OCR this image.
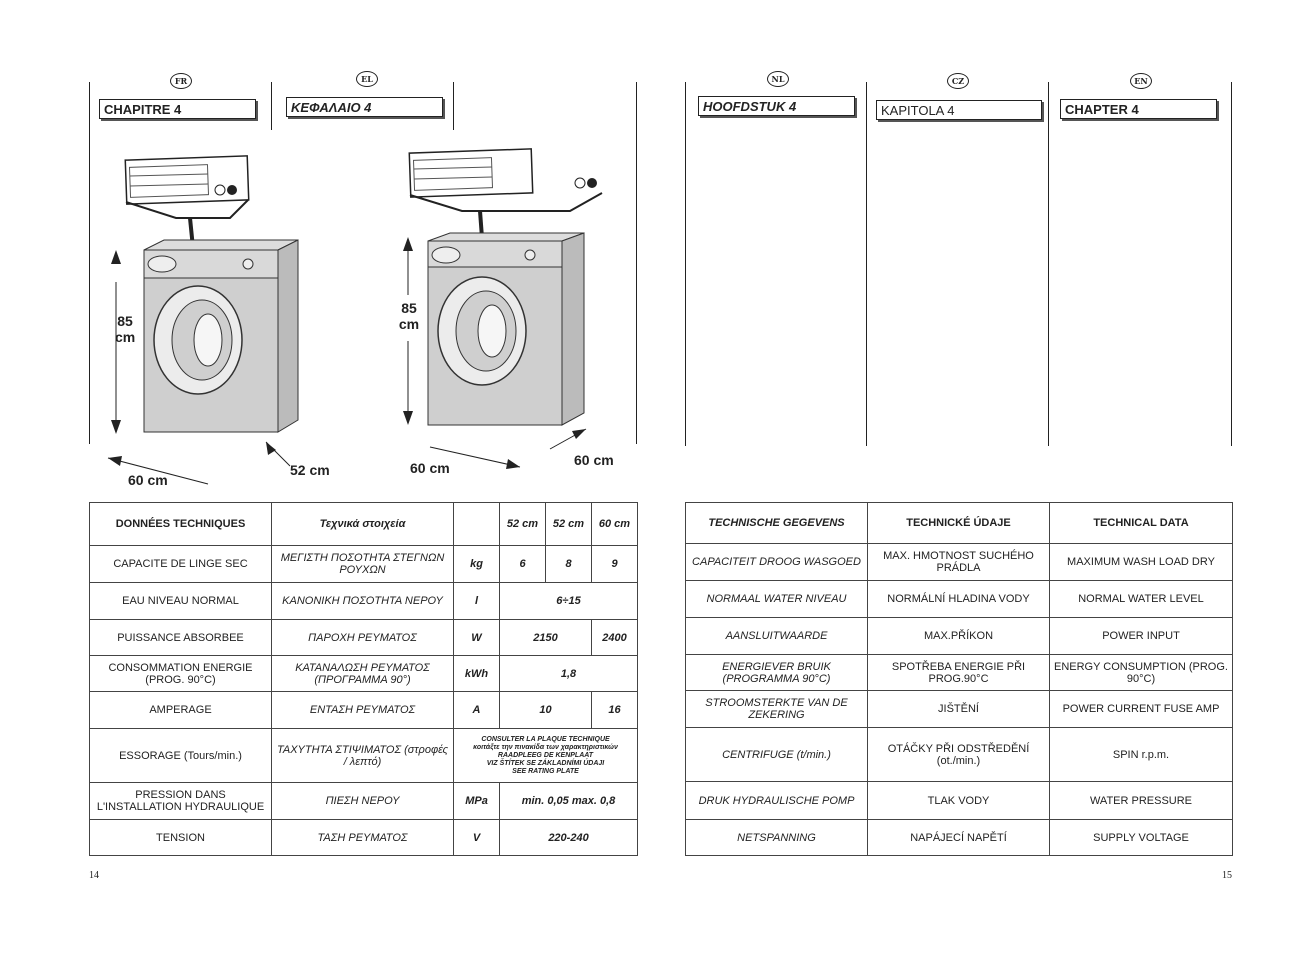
FR	EL
CHAPITRE 4	ΚΕΦΑΛΑΙΟ 4
85
cm
60 cm
52 cm
85
cm
60 cm	60 cm
DONNÉES TECHNIQUES	Τεχνικά στοιχεία		52 cm	52 cm	60 cm
CAPACITE DE LINGE SEC	ΜΕΓΙΣΤΗ ΠΟΣΟΤΗΤΑ ΣΤΕΓΝΩΝ ΡΟΥΧΩΝ	kg	6	8	9
EAU NIVEAU NORMAL	ΚΑΝΟΝΙΚΗ ΠΟΣΟΤΗΤΑ ΝΕΡΟΥ	l	6÷15		
PUISSANCE ABSORBEE	ΠΑΡΟΧΗ ΡΕΥΜΑΤΟΣ	W	2150		2400
CONSOMMATION ENERGIE (PROG. 90°C)	ΚΑΤΑΝΑΛΩΣΗ ΡΕΥΜΑΤΟΣ (ΠΡΟΓΡΑΜΜΑ 90°)	kWh	1,8		
AMPERAGE	ΕΝΤΑΣΗ ΡΕΥΜΑΤΟΣ	A	10		16
ESSORAGE (Tours/min.)	ΤΑΧΥΤΗΤΑ ΣΤΙΨΙΜΑΤΟΣ (στροφές / λεπτό)	CONSULTER LA PLAQUE TECHNIQUE
κοιτάξτε την πινακίδα των χαρακτηριστικών
RAADPLEEG DE KENPLAAT
VIZ ŠTÍTEK SE ZÁKLADNÍMI ÚDAJI
SEE RATING PLATE			

PRESSION DANS L'INSTALLATION HYDRAULIQUE	ΠΙΕΣΗ ΝΕΡΟΥ	MPa	min. 0,05 max. 0,8		
TENSION	ΤΑΣΗ ΡΕΥΜΑΤΟΣ	V	220-240		
14
NL	CZ	EN
HOOFDSTUK 4	KAPITOLA 4	CHAPTER 4
TECHNISCHE GEGEVENS	TECHNICKÉ ÚDAJE	TECHNICAL DATA
CAPACITEIT DROOG WASGOED	MAX. HMOTNOST SUCHÉHO PRÁDLA	MAXIMUM WASH LOAD DRY
NORMAAL WATER NIVEAU	NORMÁLNÍ HLADINA VODY	NORMAL WATER LEVEL
AANSLUITWAARDE	MAX.PŘÍKON	POWER INPUT
ENERGIEVER BRUIK (PROGRAMMA 90°C)	SPOTŘEBA ENERGIE PŘI PROG.90°C	ENERGY CONSUMPTION (PROG. 90°C)
STROOMSTERKTE VAN DE ZEKERING	JIŠTĚNÍ	POWER CURRENT FUSE AMP
CENTRIFUGE (t/min.)	OTÁČKY PŘI ODSTŘEDĚNÍ (ot./min.)	SPIN r.p.m.
DRUK HYDRAULISCHE POMP	TLAK VODY	WATER PRESSURE
NETSPANNING	NAPÁJECÍ NAPĚTÍ	SUPPLY VOLTAGE
15
